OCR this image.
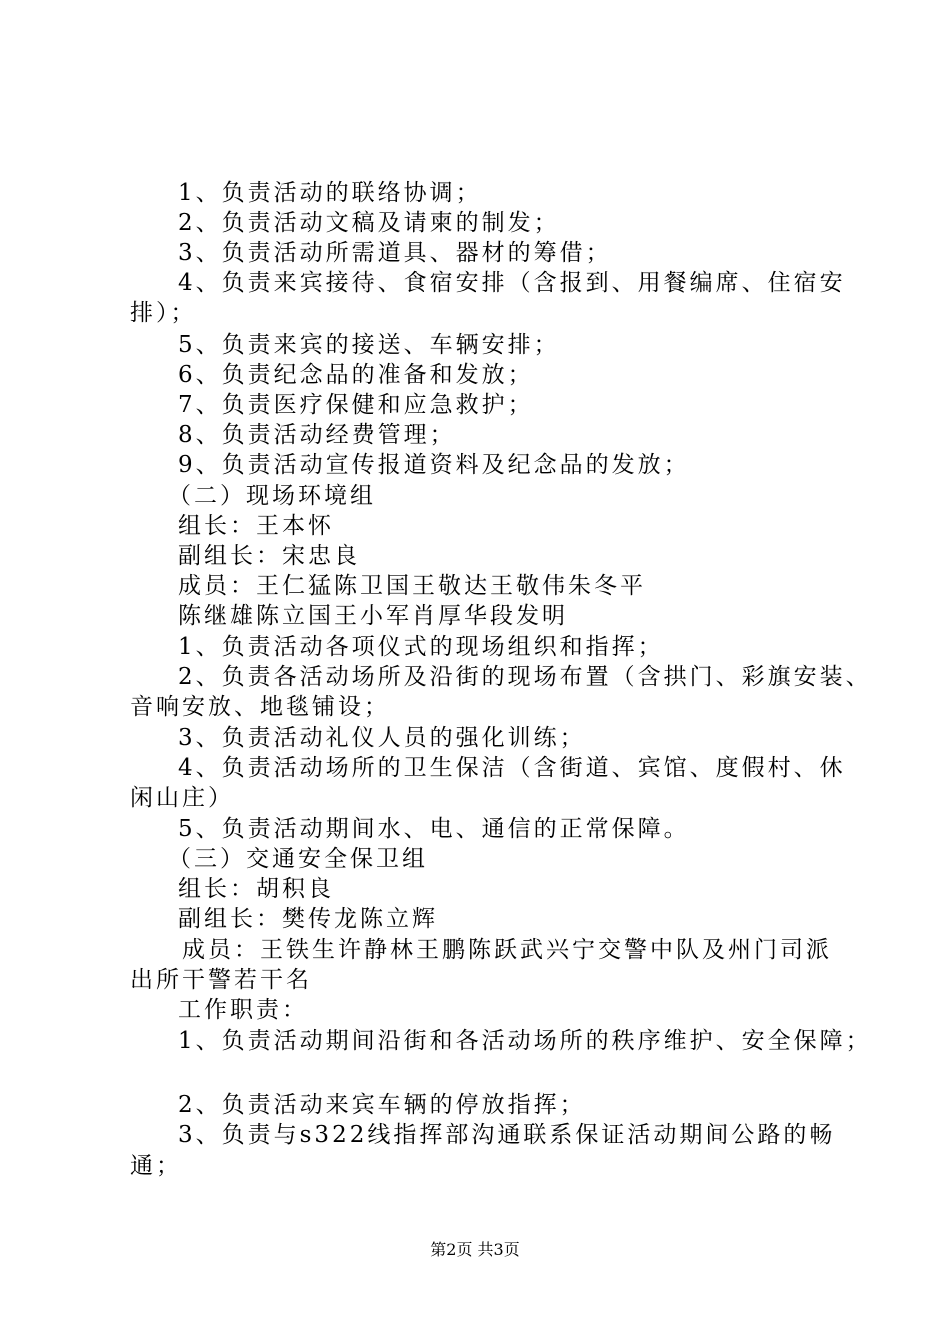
1、负责活动的联络协调；
2、负责活动文稿及请柬的制发；
3、负责活动所需道具、器材的筹借；
4、负责来宾接待、食宿安排（含报到、用餐编席、住宿安
排）；
5、负责来宾的接送、车辆安排；
6、负责纪念品的准备和发放；
7、负责医疗保健和应急救护；
8、负责活动经费管理；
9、负责活动宣传报道资料及纪念品的发放；
（二）现场环境组
组长：王本怀
副组长：宋忠良
成员：王仁猛陈卫国王敬达王敬伟朱冬平
陈继雄陈立国王小军肖厚华段发明
1、负责活动各项仪式的现场组织和指挥；
2、负责各活动场所及沿街的现场布置（含拱门、彩旗安装、
音响安放、地毯铺设；
3、负责活动礼仪人员的强化训练；
4、负责活动场所的卫生保洁（含街道、宾馆、度假村、休
闲山庄）
5、负责活动期间水、电、通信的正常保障。
（三）交通安全保卫组
组长：胡积良
副组长：樊传龙陈立辉
成员：王铁生许静林王鹏陈跃武兴宁交警中队及州门司派
出所干警若干名
工作职责：
1、负责活动期间沿街和各活动场所的秩序维护、安全保障；
2、负责活动来宾车辆的停放指挥；
3、负责与s322线指挥部沟通联系保证活动期间公路的畅
通；
第2页 共3页
